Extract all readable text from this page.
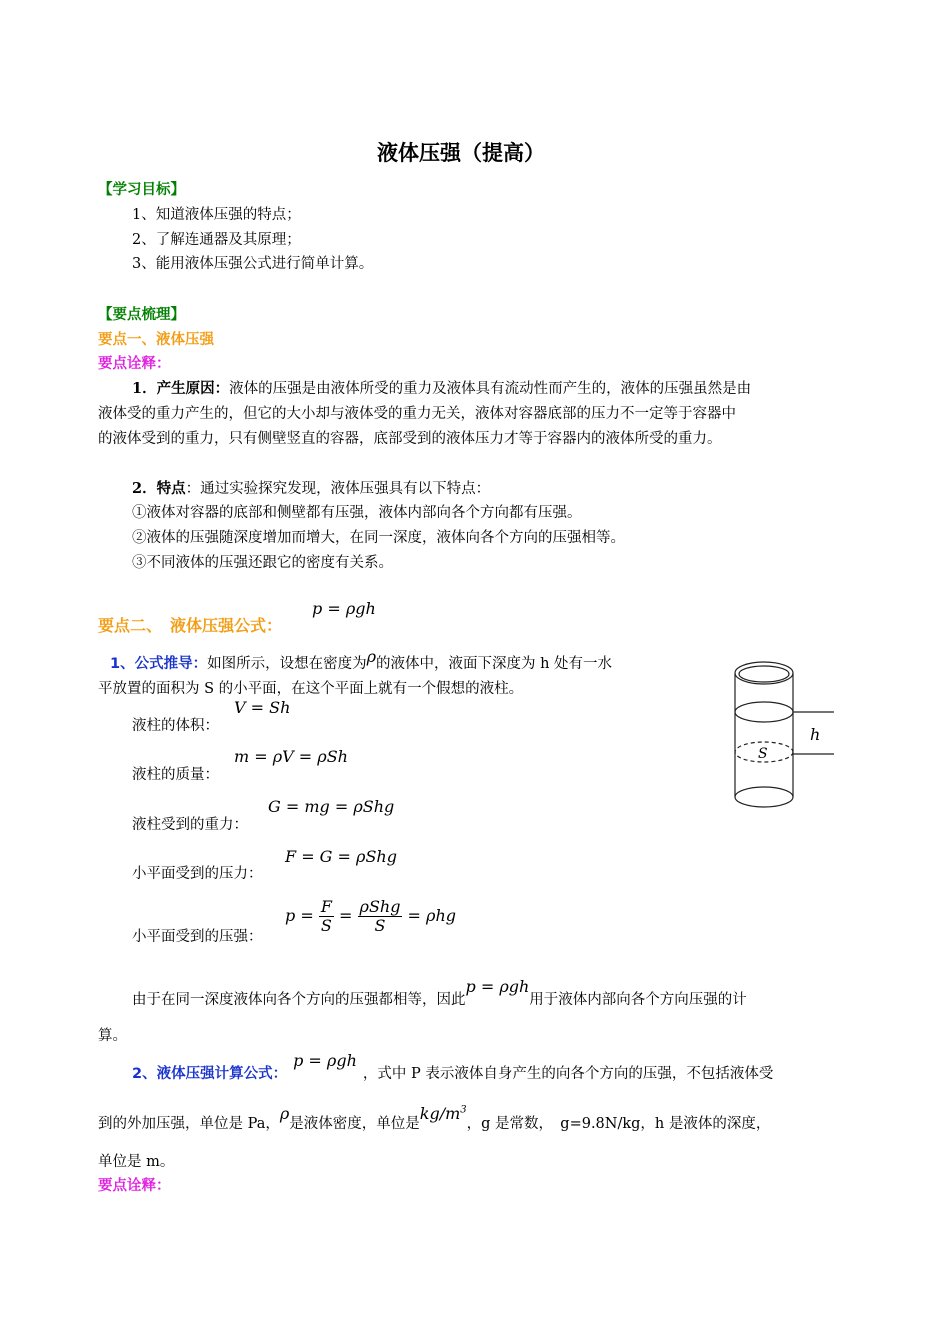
液体压强（提高）
【学习目标】
1、知道液体压强的特点；
2、了解连通器及其原理；
3、能用液体压强公式进行简单计算。
【要点梳理】
要点一、液体压强
要点诠释：
1．产生原因：液体的压强是由液体所受的重力及液体具有流动性而产生的，液体的压强虽然是由
液体受的重力产生的，但它的大小却与液体受的重力无关，液体对容器底部的压力不一定等于容器中
的液体受到的重力，只有侧壁竖直的容器，底部受到的液体压力才等于容器内的液体所受的重力。
2．特点：通过实验探究发现，液体压强具有以下特点：
①液体对容器的底部和侧壁都有压强，液体内部向各个方向都有压强。
②液体的压强随深度增加而增大，在同一深度，液体向各个方向的压强相等。
③不同液体的压强还跟它的密度有关系。
要点二、　液体压强公式：
p = ρgh
1、公式推导：如图所示，设想在密度为ρ的液体中，液面下深度为 h 处有一水
平放置的面积为 S 的小平面，在这个平面上就有一个假想的液柱。
液柱的体积：
V = Sh
液柱的质量：
m = ρV = ρSh
液柱受到的重力：
G = mg = ρShg
小平面受到的压力：
F = G = ρShg
小平面受到的压强：
$p = \frac{F}{S} = \frac{\text{ρShg}}{S} = \rho hg$
由于在同一深度液体向各个方向的压强都相等，因此p = ρgh用于液体内部向各个方向压强的计
算。
2、液体压强计算公式：p = ρgh，式中 P 表示液体自身产生的向各个方向的压强，不包括液体受
到的外加压强，单位是 Pa，ρ是液体密度，单位是$kg/m^3$，g 是常数，　g=9.8N/kg，h 是液体的深度，
单位是 m。
要点诠释：
h
S
